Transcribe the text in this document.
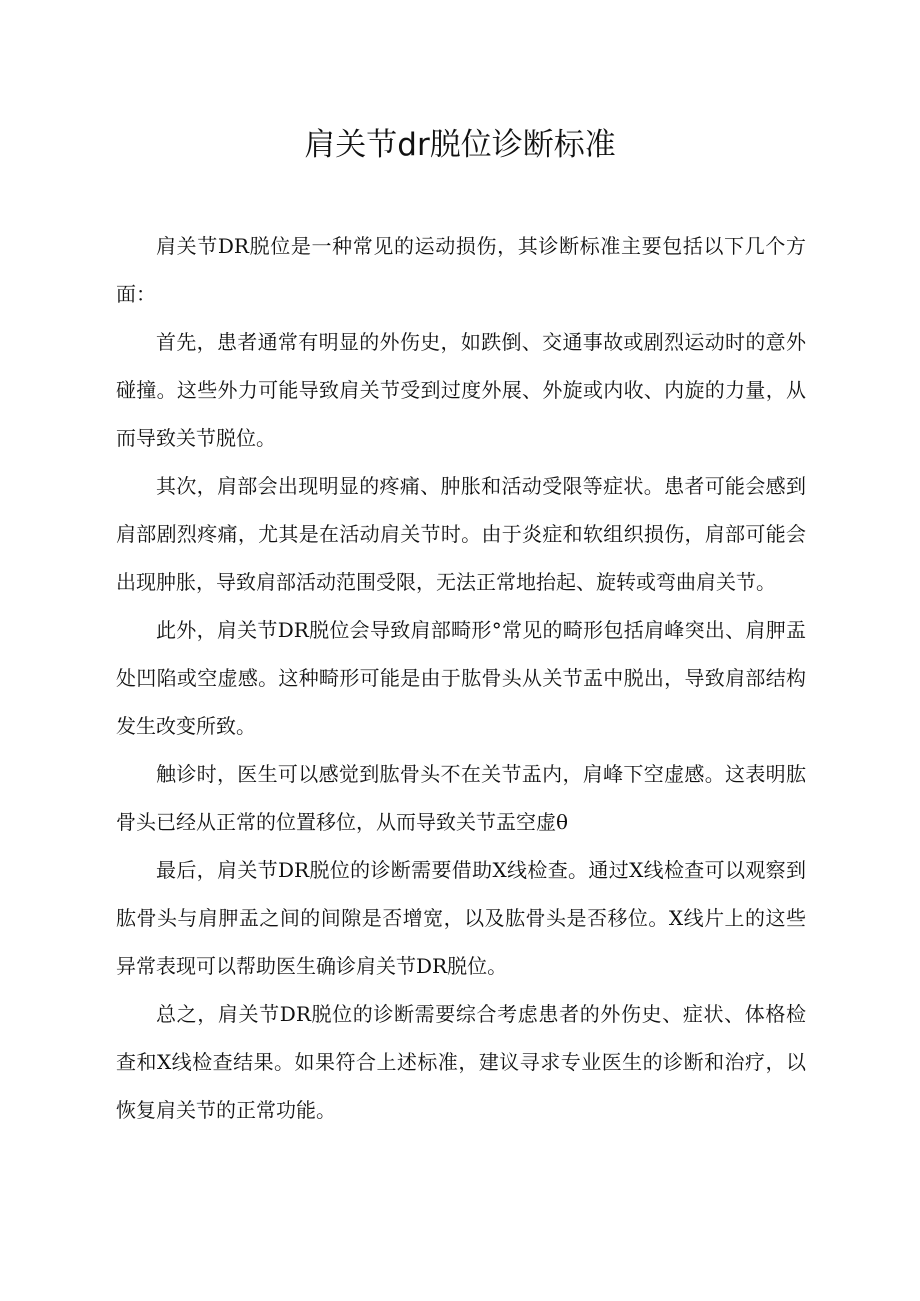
肩关节dr脱位诊断标准

肩关节DR脱位是一种常见的运动损伤，其诊断标准主要包括以下几个方面：

首先，患者通常有明显的外伤史，如跌倒、交通事故或剧烈运动时的意外碰撞。这些外力可能导致肩关节受到过度外展、外旋或内收、内旋的力量，从而导致关节脱位。

其次，肩部会出现明显的疼痛、肿胀和活动受限等症状。患者可能会感到肩部剧烈疼痛，尤其是在活动肩关节时。由于炎症和软组织损伤，肩部可能会出现肿胀，导致肩部活动范围受限，无法正常地抬起、旋转或弯曲肩关节。

此外，肩关节DR脱位会导致肩部畸形°常见的畸形包括肩峰突出、肩胛盂处凹陷或空虚感。这种畸形可能是由于肱骨头从关节盂中脱出，导致肩部结构发生改变所致。

触诊时，医生可以感觉到肱骨头不在关节盂内，肩峰下空虚感。这表明肱骨头已经从正常的位置移位，从而导致关节盂空虚θ

最后，肩关节DR脱位的诊断需要借助X线检查。通过X线检查可以观察到肱骨头与肩胛盂之间的间隙是否增宽，以及肱骨头是否移位。X线片上的这些异常表现可以帮助医生确诊肩关节DR脱位。

总之，肩关节DR脱位的诊断需要综合考虑患者的外伤史、症状、体格检查和X线检查结果。如果符合上述标准，建议寻求专业医生的诊断和治疗，以恢复肩关节的正常功能。
